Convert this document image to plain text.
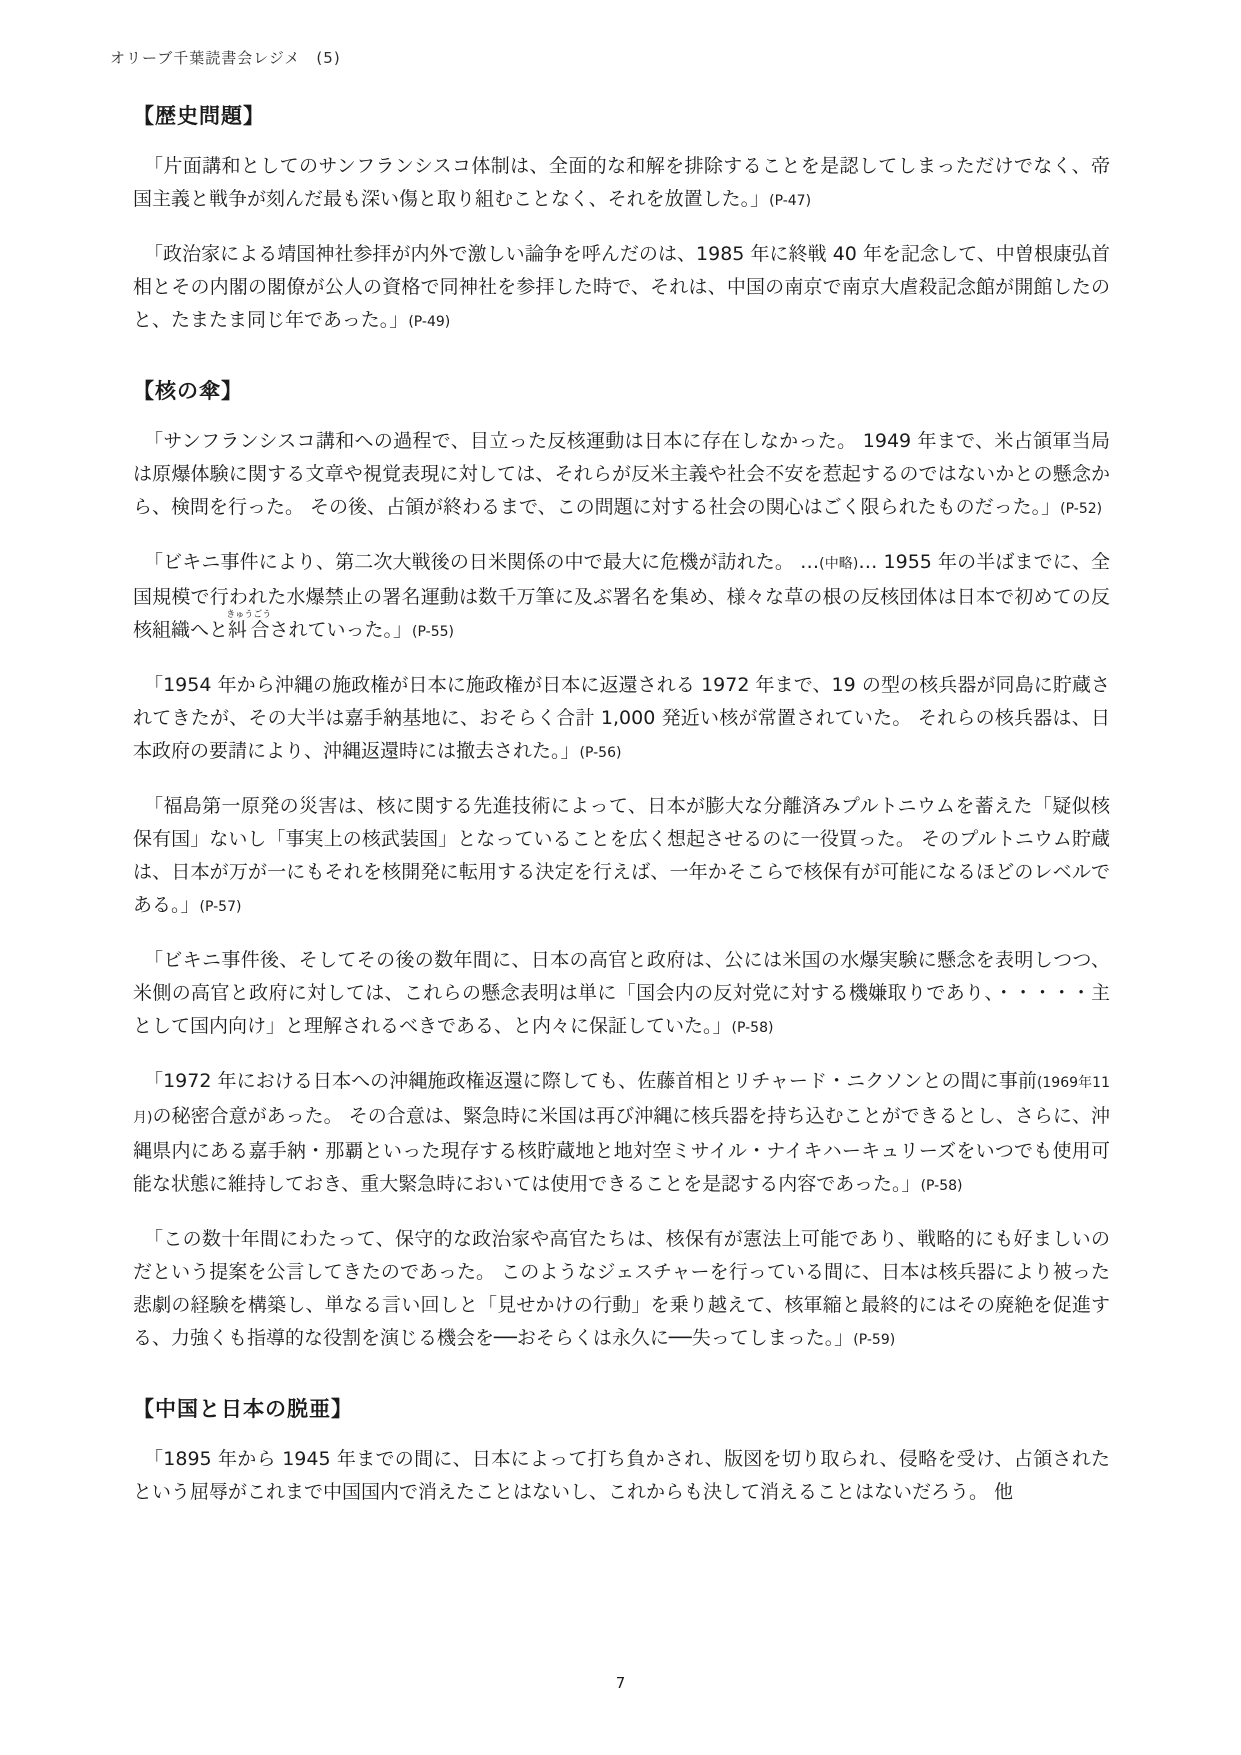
オリーブ千葉読書会レジメ　(5)
【歴史問題】

「片面講和としてのサンフランシスコ体制は、全面的な和解を排除することを是認してしまっただけでなく、帝国主義と戦争が刻んだ最も深い傷と取り組むことなく、それを放置した。」(P-47)

「政治家による靖国神社参拝が内外で激しい論争を呼んだのは、1985 年に終戦 40 年を記念して、中曽根康弘首相とその内閣の閣僚が公人の資格で同神社を参拝した時で、それは、中国の南京で南京大虐殺記念館が開館したのと、たまたま同じ年であった。」(P-49)

【核の傘】

「サンフランシスコ講和への過程で、目立った反核運動は日本に存在しなかった。 1949 年まで、米占領軍当局は原爆体験に関する文章や視覚表現に対しては、それらが反米主義や社会不安を惹起するのではないかとの懸念から、検問を行った。 その後、占領が終わるまで、この問題に対する社会の関心はごく限られたものだった。」(P-52)

「ビキニ事件により、第二次大戦後の日米関係の中で最大に危機が訪れた。 …(中略)… 1955 年の半ばまでに、全国規模で行われた水爆禁止の署名運動は数千万筆に及ぶ署名を集め、様々な草の根の反核団体は日本で初めての反核組織へと糾合きゅうごうされていった。」(P-55)

「1954 年から沖縄の施政権が日本に施政権が日本に返還される 1972 年まで、19 の型の核兵器が同島に貯蔵されてきたが、その大半は嘉手納基地に、おそらく合計 1,000 発近い核が常置されていた。 それらの核兵器は、日本政府の要請により、沖縄返還時には撤去された。」(P-56)

「福島第一原発の災害は、核に関する先進技術によって、日本が膨大な分離済みプルトニウムを蓄えた「疑似核保有国」ないし「事実上の核武装国」となっていることを広く想起させるのに一役買った。 そのプルトニウム貯蔵は、日本が万が一にもそれを核開発に転用する決定を行えば、一年かそこらで核保有が可能になるほどのレベルである。」(P-57)

「ビキニ事件後、そしてその後の数年間に、日本の高官と政府は、公には米国の水爆実験に懸念を表明しつつ、米側の高官と政府に対しては、これらの懸念表明は単に「国会内の反対党に対する機嫌取りであり、・・・・・主として国内向け」と理解されるべきである、と内々に保証していた。」(P-58)

「1972 年における日本への沖縄施政権返還に際しても、佐藤首相とリチャード・ニクソンとの間に事前(1969年11 月)の秘密合意があった。 その合意は、緊急時に米国は再び沖縄に核兵器を持ち込むことができるとし、さらに、沖縄県内にある嘉手納・那覇といった現存する核貯蔵地と地対空ミサイル・ナイキハーキュリーズをいつでも使用可能な状態に維持しておき、重大緊急時においては使用できることを是認する内容であった。」(P-58)

「この数十年間にわたって、保守的な政治家や高官たちは、核保有が憲法上可能であり、戦略的にも好ましいのだという提案を公言してきたのであった。 このようなジェスチャーを行っている間に、日本は核兵器により被った悲劇の経験を構築し、単なる言い回しと「見せかけの行動」を乗り越えて、核軍縮と最終的にはその廃絶を促進する、力強くも指導的な役割を演じる機会を──おそらくは永久に──失ってしまった。」(P-59)

【中国と日本の脱亜】

「1895 年から 1945 年までの間に、日本によって打ち負かされ、版図を切り取られ、侵略を受け、占領されたという屈辱がこれまで中国国内で消えたことはないし、これからも決して消えることはないだろう。 他

7
